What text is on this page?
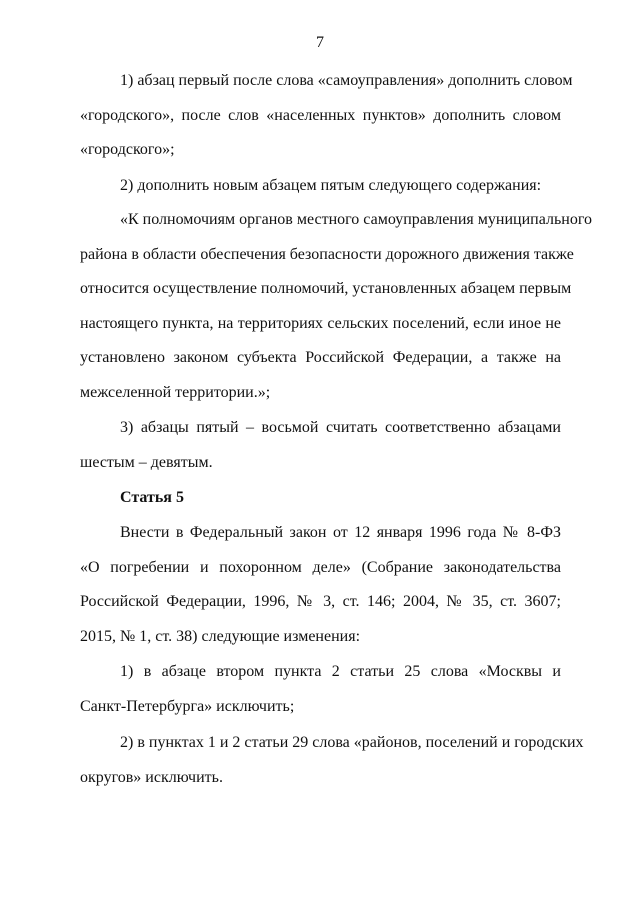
7
1) абзац первый после слова «самоуправления» дополнить словом
«городского», после слов «населенных пунктов» дополнить словом
«городского»;
2) дополнить новым абзацем пятым следующего содержания:
«К полномочиям органов местного самоуправления муниципального
района в области обеспечения безопасности дорожного движения также
относится осуществление полномочий, установленных абзацем первым
настоящего пункта, на территориях сельских поселений, если иное не
установлено законом субъекта Российской Федерации, а также на
межселенной территории.»;
3) абзацы пятый – восьмой считать соответственно абзацами
шестым – девятым.
Статья 5
Внести в Федеральный закон от 12 января 1996 года № 8-ФЗ
«О погребении и похоронном деле» (Собрание законодательства
Российской Федерации, 1996, № 3, ст. 146; 2004, № 35, ст. 3607;
2015, № 1, ст. 38) следующие изменения:
1) в абзаце втором пункта 2 статьи 25 слова «Москвы и
Санкт-Петербурга» исключить;
2) в пунктах 1 и 2 статьи 29 слова «районов, поселений и городских
округов» исключить.
